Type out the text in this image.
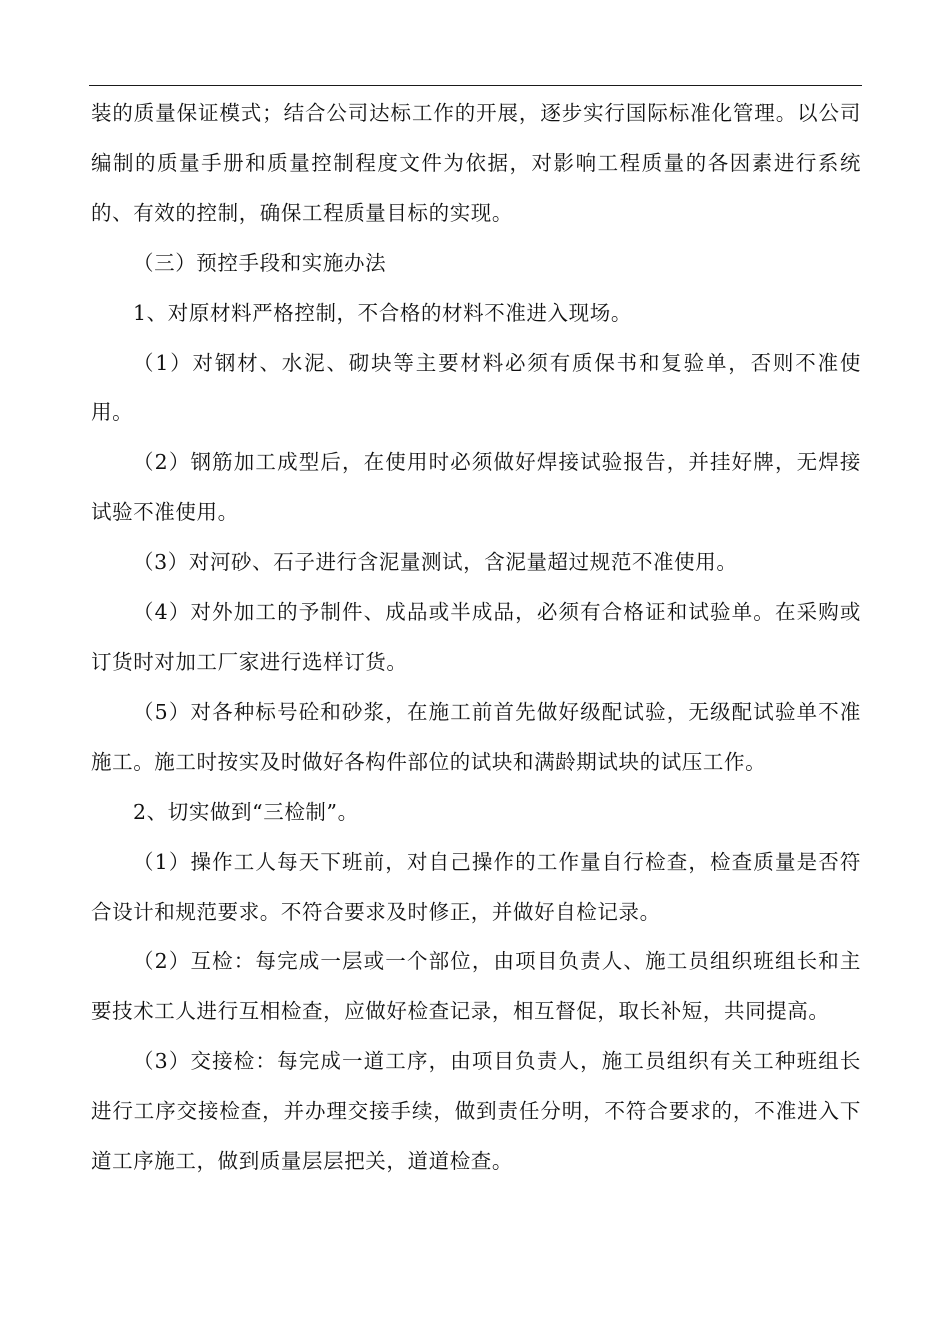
装的质量保证模式；结合公司达标工作的开展，逐步实行国际标准化管理。以公司编制的质量手册和质量控制程度文件为依据，对影响工程质量的各因素进行系统的、有效的控制，确保工程质量目标的实现。

（三）预控手段和实施办法

1、对原材料严格控制，不合格的材料不准进入现场。

（1）对钢材、水泥、砌块等主要材料必须有质保书和复验单，否则不准使用。

（2）钢筋加工成型后，在使用时必须做好焊接试验报告，并挂好牌，无焊接试验不准使用。

（3）对河砂、石子进行含泥量测试，含泥量超过规范不准使用。

（4）对外加工的予制件、成品或半成品，必须有合格证和试验单。在采购或订货时对加工厂家进行选样订货。

（5）对各种标号砼和砂浆，在施工前首先做好级配试验，无级配试验单不准施工。施工时按实及时做好各构件部位的试块和满龄期试块的试压工作。

2、切实做到“三检制”。

（1）操作工人每天下班前，对自己操作的工作量自行检查，检查质量是否符合设计和规范要求。不符合要求及时修正，并做好自检记录。

（2）互检：每完成一层或一个部位，由项目负责人、施工员组织班组长和主要技术工人进行互相检查，应做好检查记录，相互督促，取长补短，共同提高。

（3）交接检：每完成一道工序，由项目负责人，施工员组织有关工种班组长进行工序交接检查，并办理交接手续，做到责任分明，不符合要求的，不准进入下道工序施工，做到质量层层把关，道道检查。
